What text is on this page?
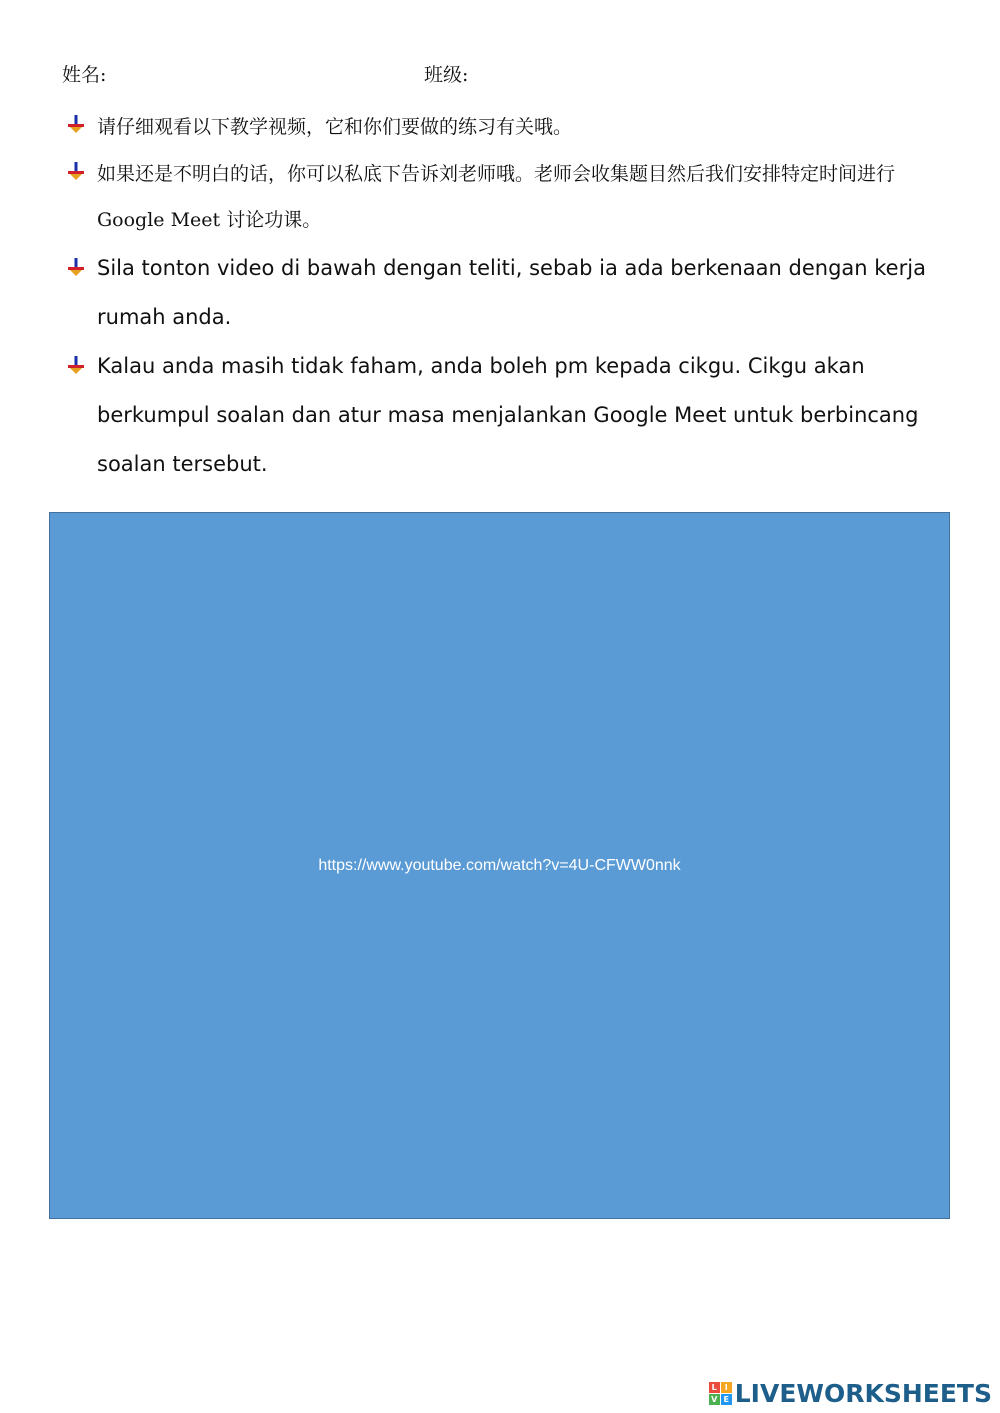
姓名:	班级:
请仔细观看以下教学视频，它和你们要做的练习有关哦。
如果还是不明白的话，你可以私底下告诉刘老师哦。老师会收集题目然后我们安排特定时间进行 Google Meet 讨论功课。
Sila tonton video di bawah dengan teliti, sebab ia ada berkenaan dengan kerja rumah anda.
Kalau anda masih tidak faham, anda boleh pm kepada cikgu. Cikgu akan berkumpul soalan dan atur masa menjalankan Google Meet untuk berbincang soalan tersebut.
https://www.youtube.com/watch?v=4U-CFWW0nnk
L I
V E LIVEWORKSHEETS
